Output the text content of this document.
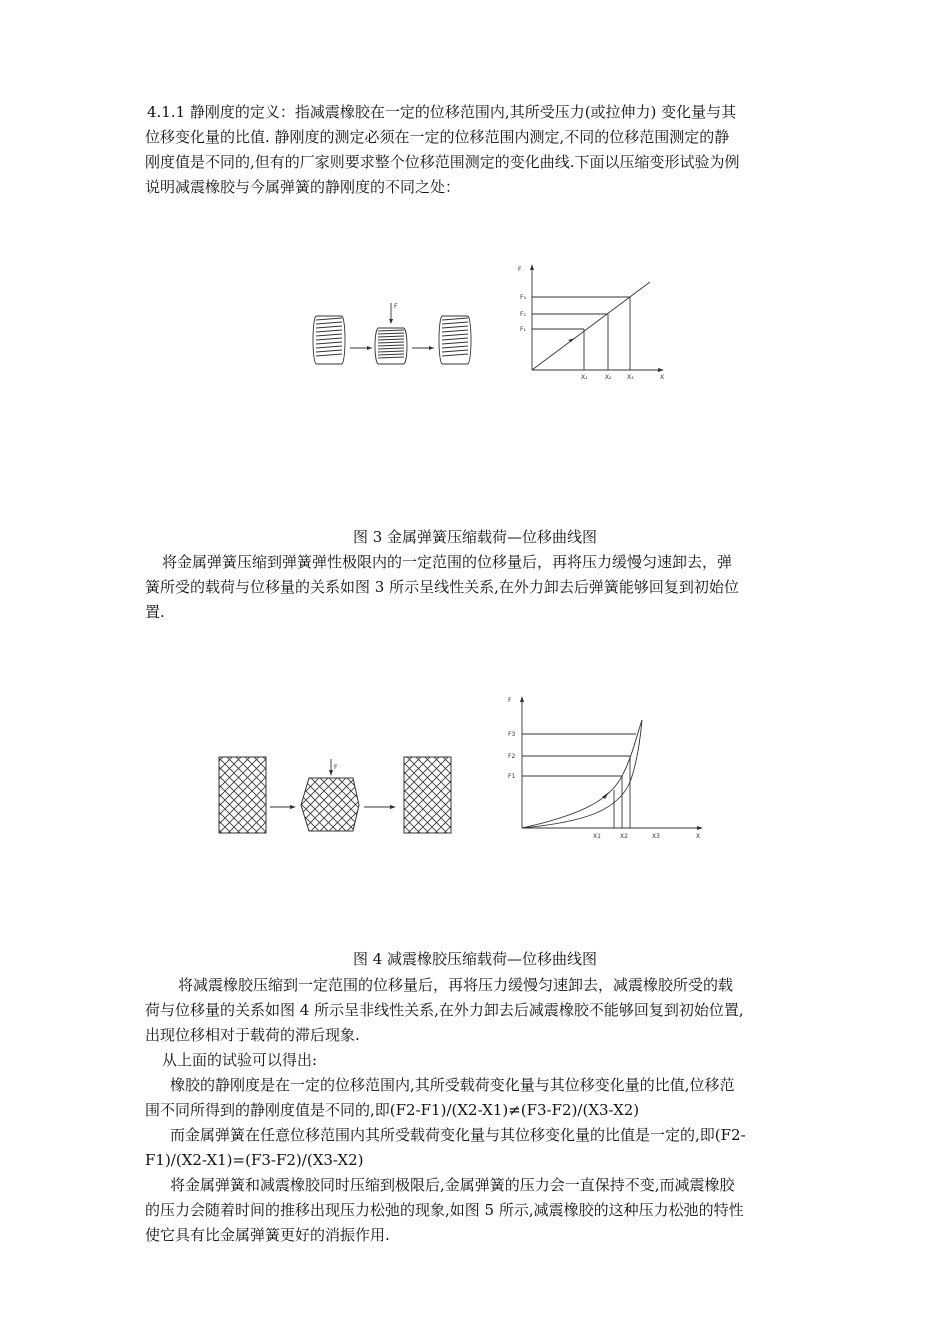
4.1.1 静刚度的定义：指减震橡胶在一定的位移范围内,其所受压力(或拉伸力) 变化量与其
位移变化量的比值. 静刚度的测定必须在一定的位移范围内测定,不同的位移范围测定的静
刚度值是不同的,但有的厂家则要求整个位移范围测定的变化曲线.下面以压缩变形试验为例
说明减震橡胶与今属弹簧的静刚度的不同之处：
F
F
X
F₃
F₂
F₁
X₁	X₂	X₃
图 3 金属弹簧压缩载荷—位移曲线图
将金属弹簧压缩到弹簧弹性极限内的一定范围的位移量后，再将压力缓慢匀速卸去，弹
簧所受的载荷与位移量的关系如图 3 所示呈线性关系,在外力卸去后弹簧能够回复到初始位
置.
F
F
X
F3
F2
F1
X1	X2	X3
图 4 减震橡胶压缩载荷—位移曲线图
将减震橡胶压缩到一定范围的位移量后，再将压力缓慢匀速卸去，减震橡胶所受的载
荷与位移量的关系如图 4 所示呈非线性关系,在外力卸去后减震橡胶不能够回复到初始位置,
出现位移相对于载荷的滞后现象.
从上面的试验可以得出:
橡胶的静刚度是在一定的位移范围内,其所受载荷变化量与其位移变化量的比值,位移范
围不同所得到的静刚度值是不同的,即(F2-F1)/(X2-X1)≠(F3-F2)/(X3-X2)
而金属弹簧在任意位移范围内其所受载荷变化量与其位移变化量的比值是一定的,即(F2-
F1)/(X2-X1)=(F3-F2)/(X3-X2)
将金属弹簧和减震橡胶同时压缩到极限后,金属弹簧的压力会一直保持不变,而减震橡胶
的压力会随着时间的推移出现压力松弛的现象,如图 5 所示,减震橡胶的这种压力松弛的特性
使它具有比金属弹簧更好的消振作用.
